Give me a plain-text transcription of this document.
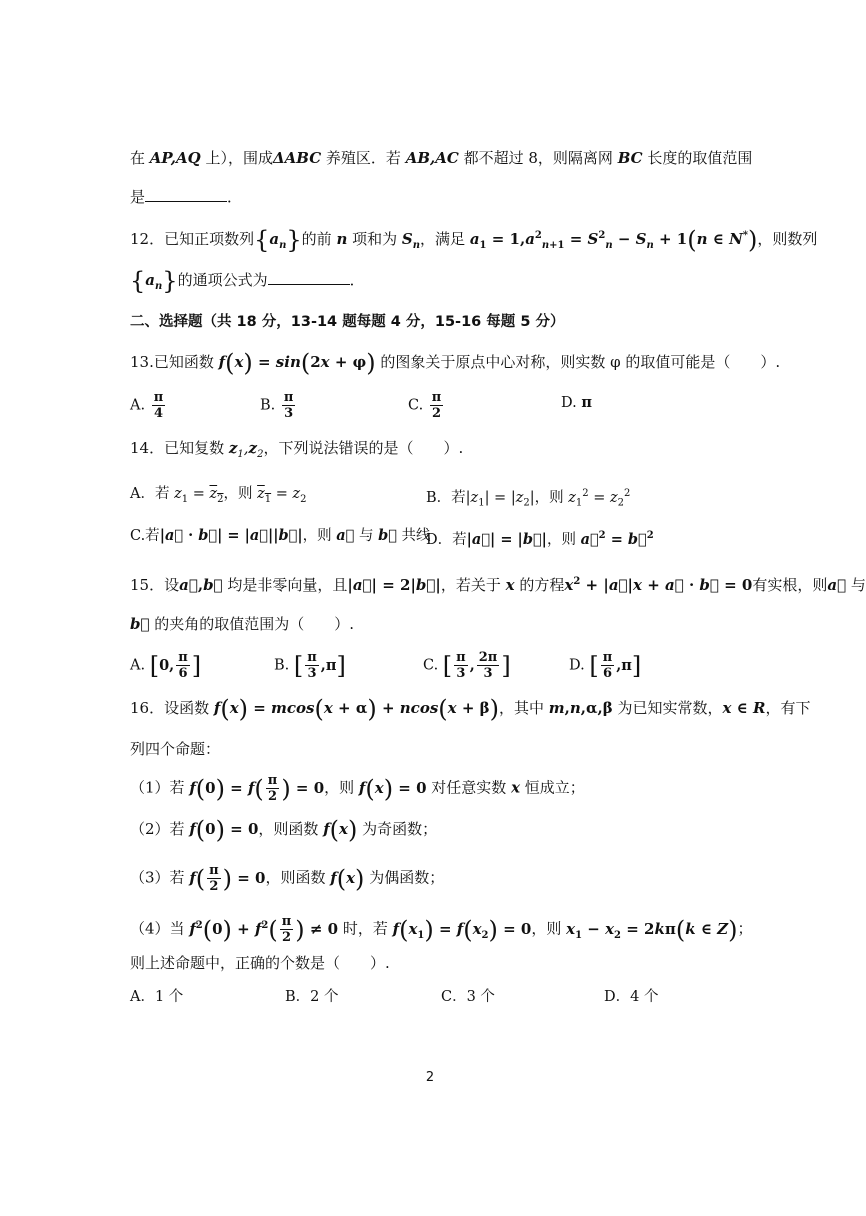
在 AP,AQ 上），围成ΔABC 养殖区．若 AB,AC 都不超过 8，则隔离网 BC 长度的取值范围
是	．
12．已知正项数列$\{a_n\}$的前 n 项和为 $S_n$，满足 $a_1 = 1,a^2_{n+1} = S^2_n - S_n + 1(n$ ∈ N*)，则数列
$\{a_n\}$的通项公式为	．
二、选择题（共 18 分，13-14 题每题 4 分，15-16 每题 5 分）
13.已知函数 f(x) = sin(2x + φ) 的图象关于原点中心对称，则实数 φ 的取值可能是（　　）.
A. $\frac{\pi}{4}$	B. $\frac{\pi}{3}$	C. $\frac{\pi}{2}$	D. π
14．已知复数 $z_1,z_2$，下列说法错误的是（　　）.
A．若 $z_1 = z_2$，则 $z_1 = z_2$	B．若$|z_1| = |z_2|$，则 $z_1^2 = z_2^2$
C.若|a⃗ · b⃗| = |a⃗||b⃗|，则 a⃗ 与 b⃗ 共线
D．若|a⃗| = |b⃗|，则 a⃗$^2$ = b⃗$^2$
15．设a⃗,b⃗ 均是非零向量，且|a⃗| = 2|b⃗|，若关于 x 的方程$x^2$ + |a⃗|x + a⃗ · b⃗ = 0有实根，则a⃗ 与
b⃗ 的夹角的取值范围为（　　）.
A. [0, $\frac{\pi}{6}$ ]	B. [ $\frac{\pi}{3} ,\pi$]	C. [ $\frac{\pi}{3}$ , $\frac{2\pi}{3}$ ]	D. [ $\frac{\pi}{6} ,\pi$]
16．设函数 f(x) = mcos(x + α) + ncos(x + β)，其中 m,n,α,β 为已知实常数，x ∈ R，有下
列四个命题：
（1）若 $f(0) = f( \frac{\pi}{2}$ ) = 0，则 f(x) = 0 对任意实数 x 恒成立；
（2）若 f(0) = 0，则函数 f(x) 为奇函数；
（3）若 $f( \frac{\pi}{2}$ ) = 0，则函数 f(x) 为偶函数；
（4）当 $f^2(0) + f^2( \frac{\pi}{2}$ ) ≠ 0 时，若 $f(x_1) = f(x_2) = 0$，则 $x_1 - x_2 = 2k\pi(k$ ∈ Z)；
则上述命题中，正确的个数是（　　）.
A．1 个	B．2 个	C．3 个	D．4 个
2
